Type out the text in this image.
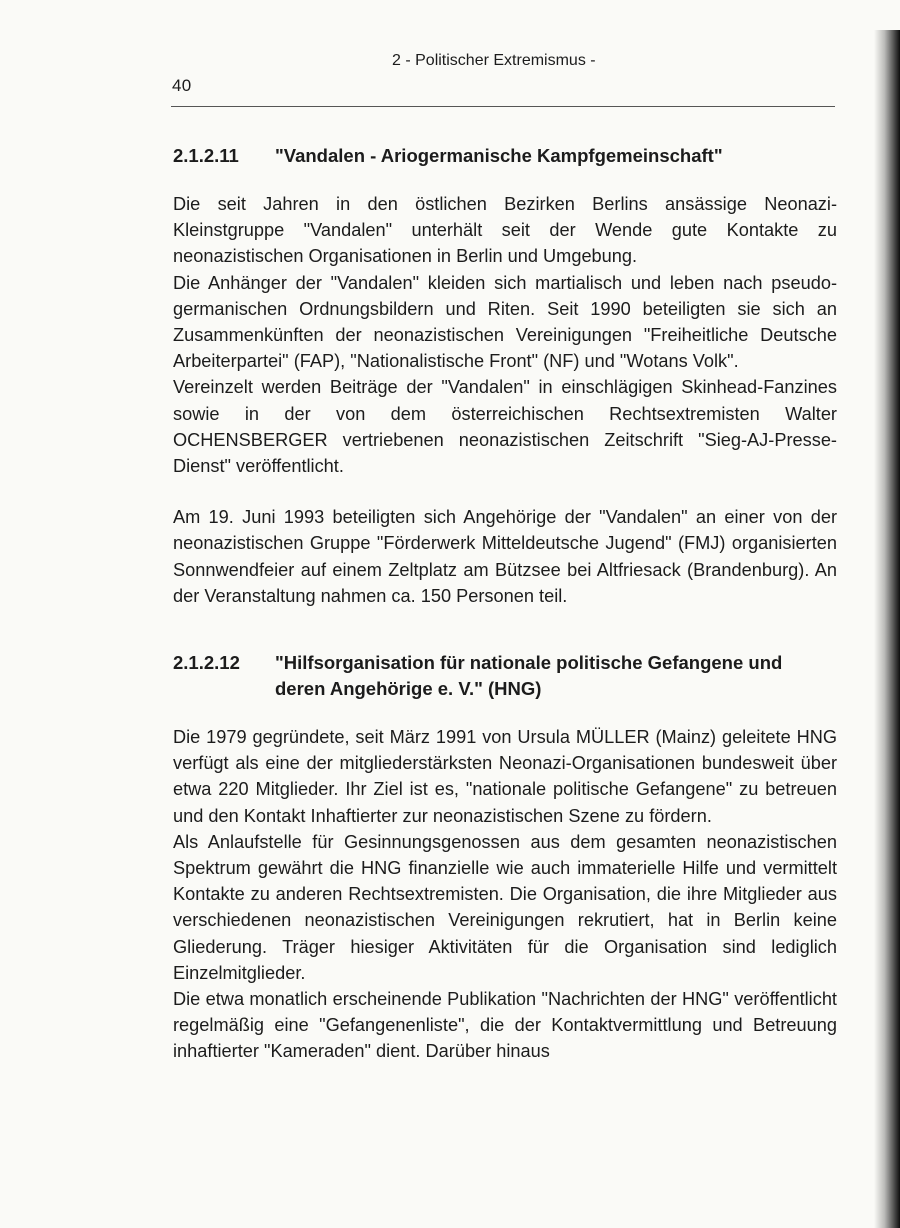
40
2 - Politischer Extremismus -
2.1.2.11	"Vandalen - Ariogermanische Kampfgemeinschaft"

Die seit Jahren in den östlichen Bezirken Berlins ansässige Neonazi-Kleinstgruppe "Vandalen" unterhält seit der Wende gute Kontakte zu neonazistischen Organisationen in Berlin und Umgebung.

Die Anhänger der "Vandalen" kleiden sich martialisch und leben nach pseudo-germanischen Ordnungsbildern und Riten. Seit 1990 beteiligten sie sich an Zusammenkünften der neonazistischen Vereinigungen "Freiheitliche Deutsche Arbeiterpartei" (FAP), "Nationalistische Front" (NF) und "Wotans Volk".

Vereinzelt werden Beiträge der "Vandalen" in einschlägigen Skinhead-Fanzines sowie in der von dem österreichischen Rechtsextremisten Walter OCHENSBERGER vertriebenen neonazistischen Zeitschrift "Sieg-AJ-Presse-Dienst" veröffentlicht.

Am 19. Juni 1993 beteiligten sich Angehörige der "Vandalen" an einer von der neonazistischen Gruppe "Förderwerk Mitteldeutsche Jugend" (FMJ) organisierten Sonnwendfeier auf einem Zeltplatz am Bützsee bei Altfriesack (Brandenburg). An der Veranstaltung nahmen ca. 150 Personen teil.

2.1.2.12	"Hilfsorganisation für nationale politische Gefangene und deren Angehörige e. V." (HNG)

Die 1979 gegründete, seit März 1991 von Ursula MÜLLER (Mainz) geleitete HNG verfügt als eine der mitgliederstärksten Neonazi-Organisationen bundesweit über etwa 220 Mitglieder. Ihr Ziel ist es, "nationale politische Gefangene" zu betreuen und den Kontakt Inhaftierter zur neonazistischen Szene zu fördern.

Als Anlaufstelle für Gesinnungsgenossen aus dem gesamten neonazistischen Spektrum gewährt die HNG finanzielle wie auch immaterielle Hilfe und vermittelt Kontakte zu anderen Rechtsextremisten. Die Organisation, die ihre Mitglieder aus verschiedenen neonazistischen Vereinigungen rekrutiert, hat in Berlin keine Gliederung. Träger hiesiger Aktivitäten für die Organisation sind lediglich Einzelmitglieder.

Die etwa monatlich erscheinende Publikation "Nachrichten der HNG" veröffentlicht regelmäßig eine "Gefangenenliste", die der Kontaktvermittlung und Betreuung inhaftierter "Kameraden" dient. Darüber hinaus
